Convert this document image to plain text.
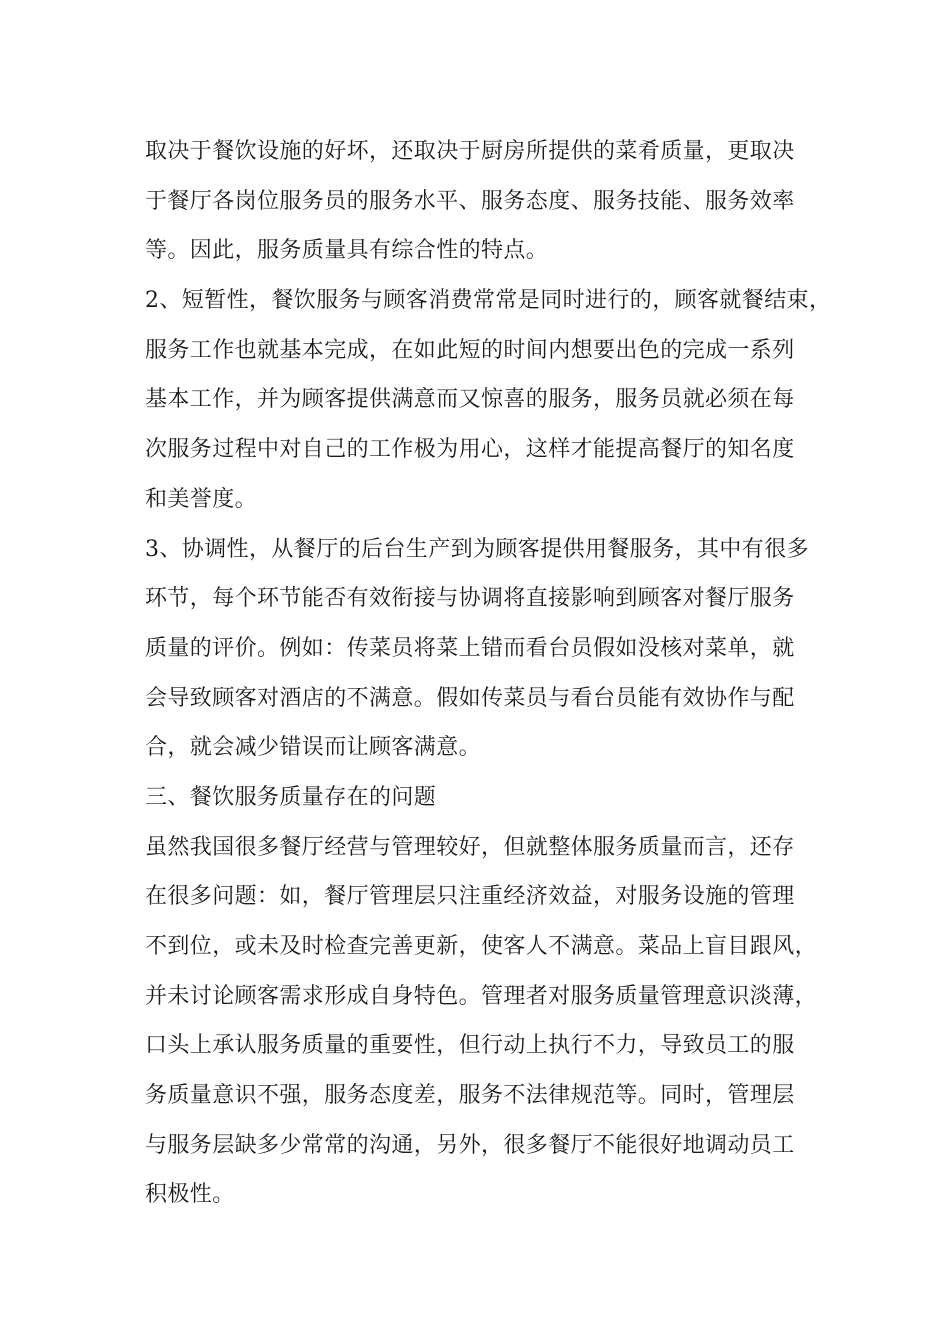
取决于餐饮设施的好坏，还取决于厨房所提供的菜肴质量，更取决
于餐厅各岗位服务员的服务水平、服务态度、服务技能、服务效率
等。因此，服务质量具有综合性的特点。
2、短暂性，餐饮服务与顾客消费常常是同时进行的，顾客就餐结束，
服务工作也就基本完成，在如此短的时间内想要出色的完成一系列
基本工作，并为顾客提供满意而又惊喜的服务，服务员就必须在每
次服务过程中对自己的工作极为用心，这样才能提高餐厅的知名度
和美誉度。
3、协调性，从餐厅的后台生产到为顾客提供用餐服务，其中有很多
环节，每个环节能否有效衔接与协调将直接影响到顾客对餐厅服务
质量的评价。例如：传菜员将菜上错而看台员假如没核对菜单，就
会导致顾客对酒店的不满意。假如传菜员与看台员能有效协作与配
合，就会减少错误而让顾客满意。
三、餐饮服务质量存在的问题
虽然我国很多餐厅经营与管理较好，但就整体服务质量而言，还存
在很多问题：如，餐厅管理层只注重经济效益，对服务设施的管理
不到位，或未及时检查完善更新，使客人不满意。菜品上盲目跟风，
并未讨论顾客需求形成自身特色。管理者对服务质量管理意识淡薄，
口头上承认服务质量的重要性，但行动上执行不力，导致员工的服
务质量意识不强，服务态度差，服务不法律规范等。同时，管理层
与服务层缺多少常常的沟通，另外，很多餐厅不能很好地调动员工
积极性。
